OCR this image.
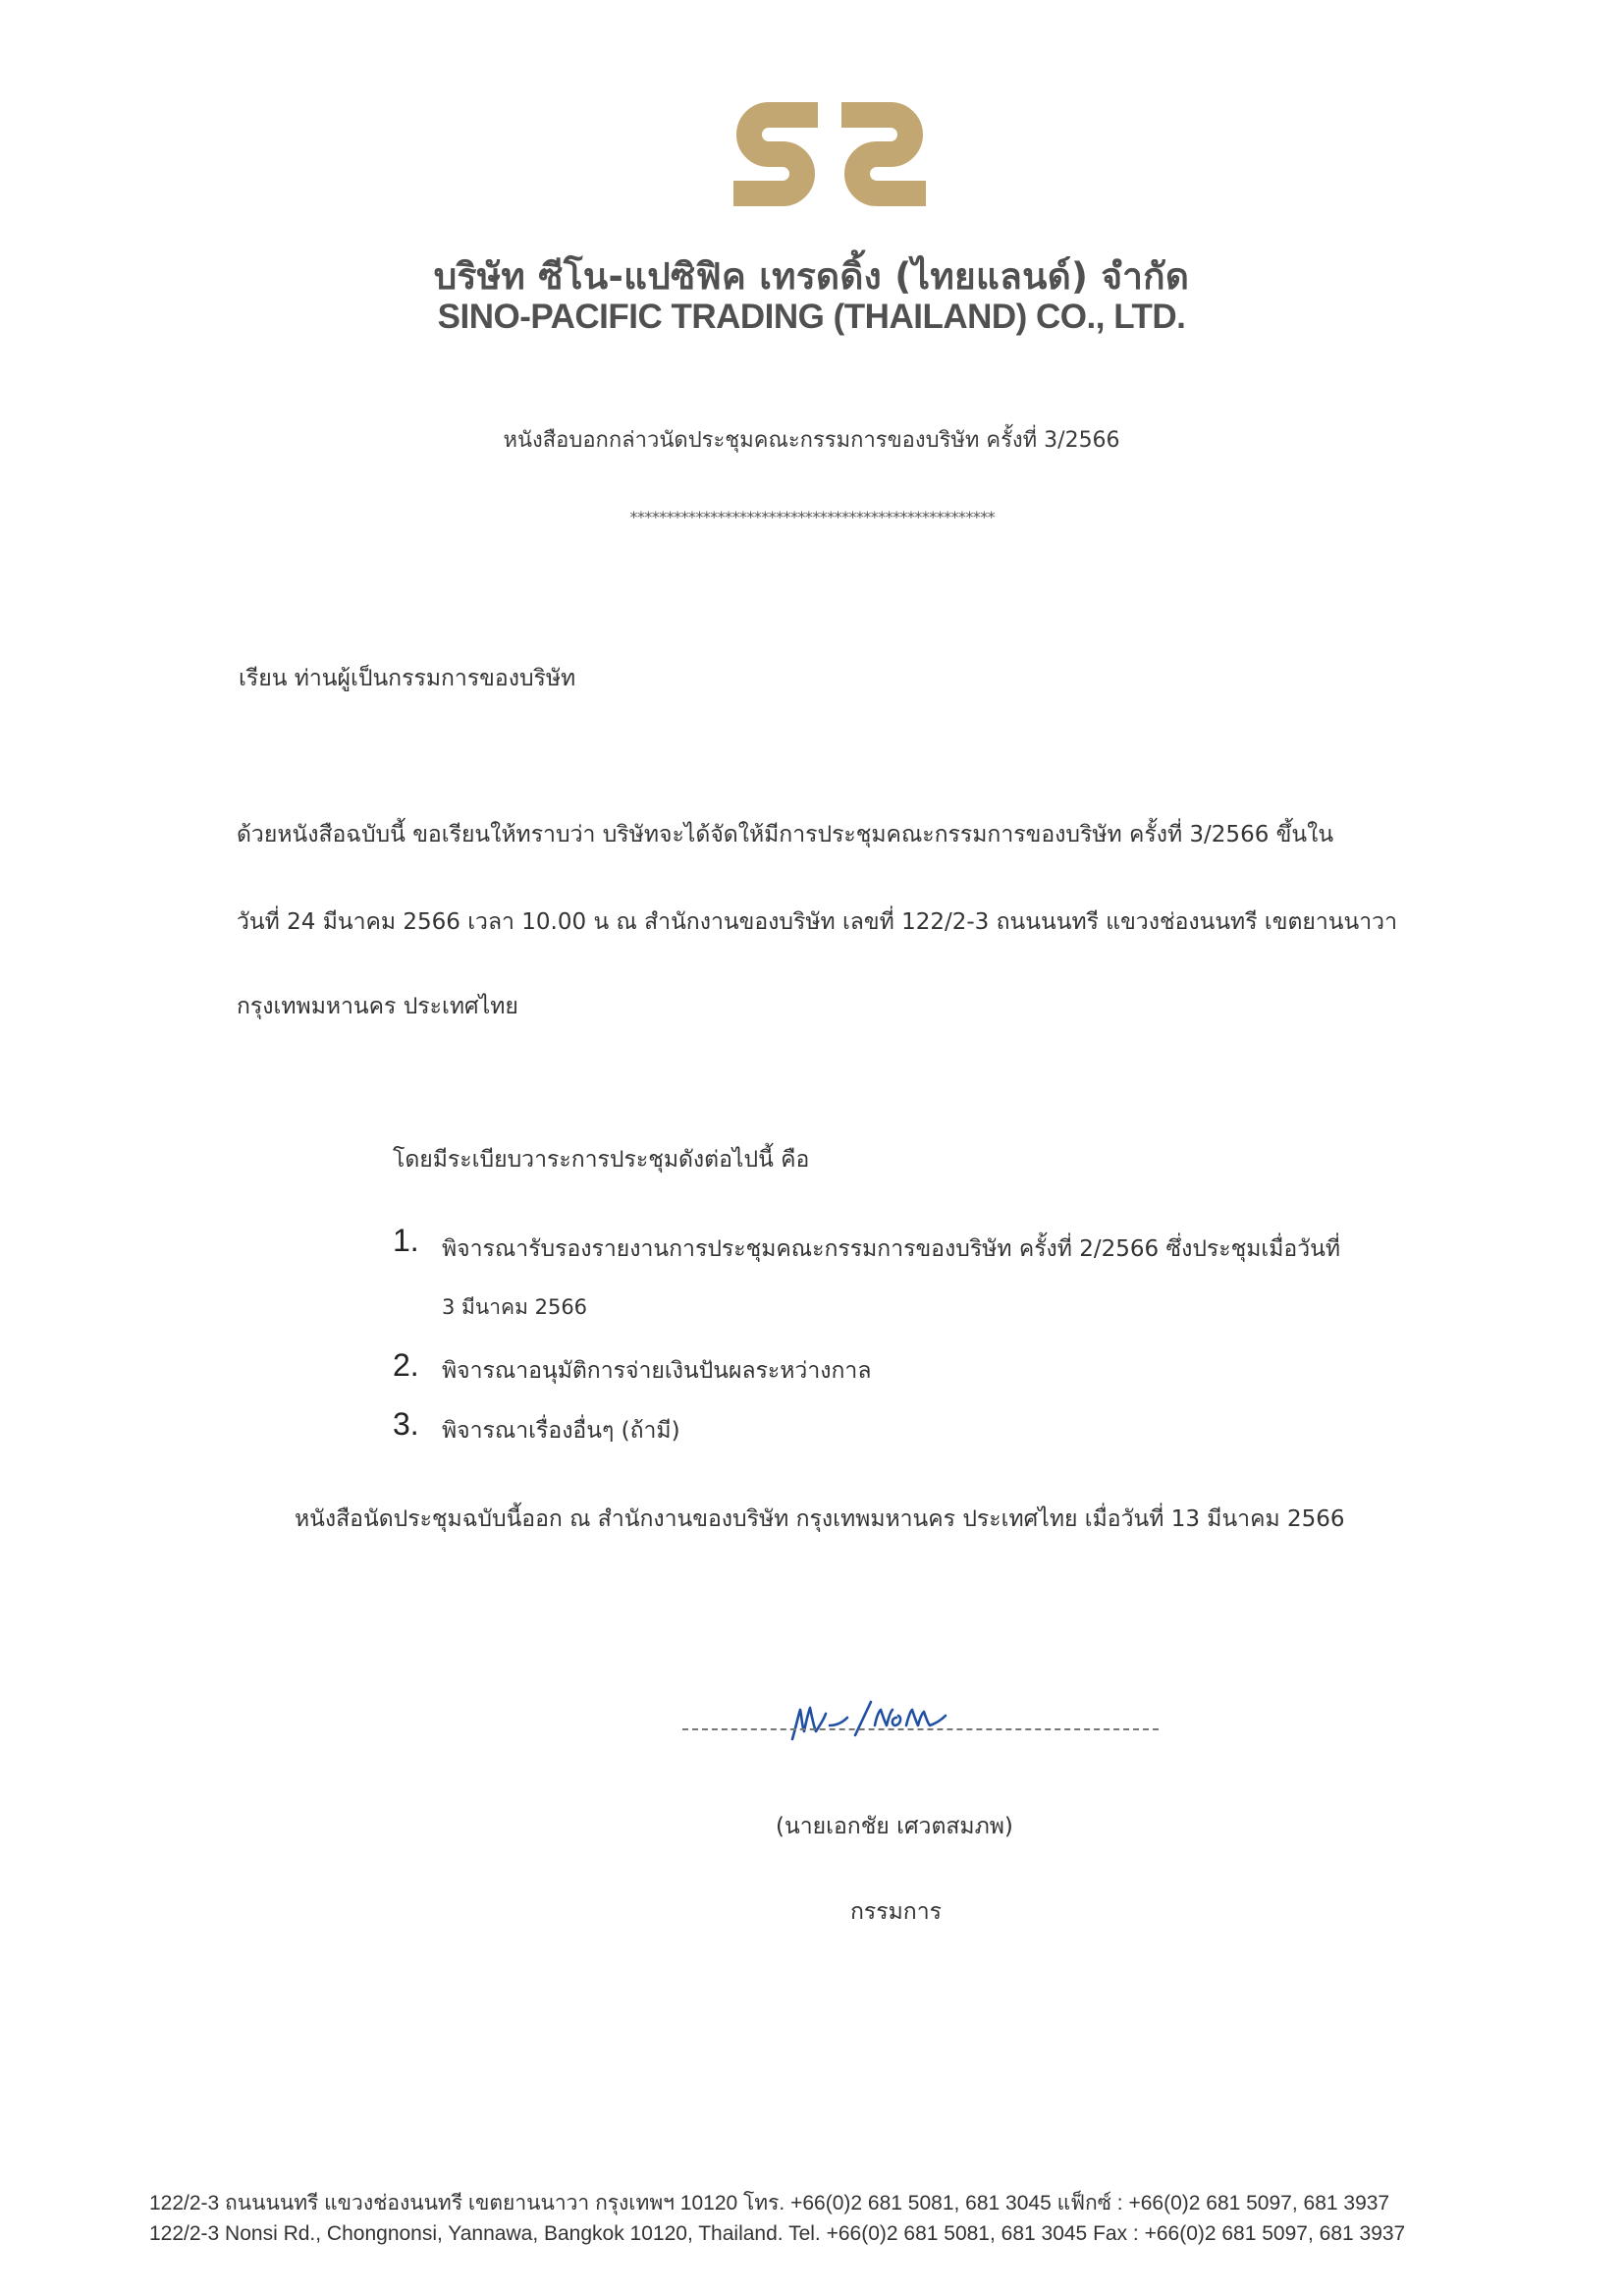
บริษัท ซีโน-แปซิฟิค เทรดดิ้ง (ไทยแลนด์) จำกัด
SINO-PACIFIC TRADING (THAILAND) CO., LTD.
หนังสือบอกกล่าวนัดประชุมคณะกรรมการของบริษัท ครั้งที่ 3/2566
**************************************************
เรียน ท่านผู้เป็นกรรมการของบริษัท
ด้วยหนังสือฉบับนี้ ขอเรียนให้ทราบว่า บริษัทจะได้จัดให้มีการประชุมคณะกรรมการของบริษัท ครั้งที่ 3/2566 ขึ้นใน
วันที่ 24 มีนาคม 2566 เวลา 10.00 น ณ สำนักงานของบริษัท เลขที่ 122/2-3 ถนนนนทรี แขวงช่องนนทรี เขตยานนาวา
กรุงเทพมหานคร ประเทศไทย
โดยมีระเบียบวาระการประชุมดังต่อไปนี้ คือ
1. พิจารณารับรองรายงานการประชุมคณะกรรมการของบริษัท ครั้งที่ 2/2566 ซึ่งประชุมเมื่อวันที่
3 มีนาคม 2566
2. พิจารณาอนุมัติการจ่ายเงินปันผลระหว่างกาล
3. พิจารณาเรื่องอื่นๆ (ถ้ามี)
หนังสือนัดประชุมฉบับนี้ออก ณ สำนักงานของบริษัท กรุงเทพมหานคร ประเทศไทย เมื่อวันที่ 13 มีนาคม 2566
(นายเอกชัย เศวตสมภพ)
กรรมการ
122/2-3 ถนนนนทรี แขวงช่องนนทรี เขตยานนาวา กรุงเทพฯ 10120 โทร. +66(0)2 681 5081, 681 3045 แฟ็กซ์ : +66(0)2 681 5097, 681 3937
122/2-3 Nonsi Rd., Chongnonsi, Yannawa, Bangkok 10120, Thailand. Tel. +66(0)2 681 5081, 681 3045 Fax : +66(0)2 681 5097, 681 3937
